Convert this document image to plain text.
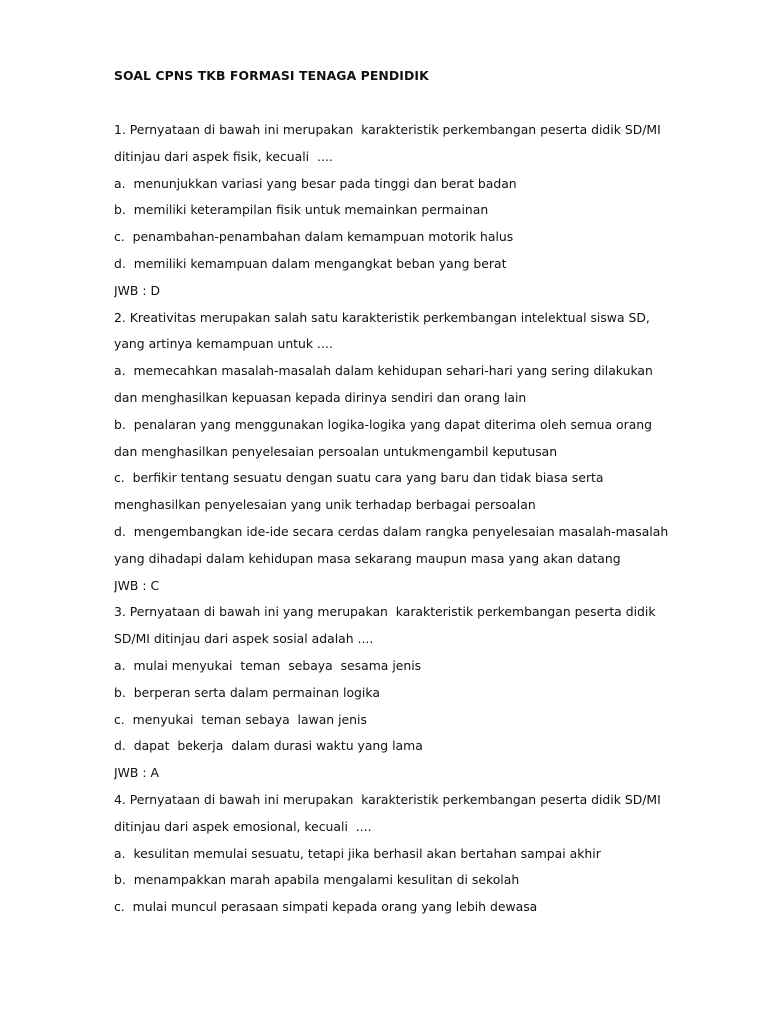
SOAL CPNS TKB FORMASI TENAGA PENDIDIK
1. Pernyataan di bawah ini merupakan  karakteristik perkembangan peserta didik SD/MI
ditinjau dari aspek fisik, kecuali  ....
a. menunjukkan variasi yang besar pada tinggi dan berat badan
b. memiliki keterampilan fisik untuk memainkan permainan
c. penambahan-penambahan dalam kemampuan motorik halus
d. memiliki kemampuan dalam mengangkat beban yang berat
JWB : D
2. Kreativitas merupakan salah satu karakteristik perkembangan intelektual siswa SD,
yang artinya kemampuan untuk ....
a. memecahkan masalah-masalah dalam kehidupan sehari-hari yang sering dilakukan
dan menghasilkan kepuasan kepada dirinya sendiri dan orang lain
b. penalaran yang menggunakan logika-logika yang dapat diterima oleh semua orang
dan menghasilkan penyelesaian persoalan untukmengambil keputusan
c. berfikir tentang sesuatu dengan suatu cara yang baru dan tidak biasa serta
menghasilkan penyelesaian yang unik terhadap berbagai persoalan
d. mengembangkan ide-ide secara cerdas dalam rangka penyelesaian masalah-masalah
yang dihadapi dalam kehidupan masa sekarang maupun masa yang akan datang
JWB : C
3. Pernyataan di bawah ini yang merupakan  karakteristik perkembangan peserta didik
SD/MI ditinjau dari aspek sosial adalah ....
a. mulai menyukai  teman  sebaya  sesama jenis
b. berperan serta dalam permainan logika
c. menyukai  teman sebaya  lawan jenis
d. dapat  bekerja  dalam durasi waktu yang lama
JWB : A
4. Pernyataan di bawah ini merupakan  karakteristik perkembangan peserta didik SD/MI
ditinjau dari aspek emosional, kecuali  ....
a. kesulitan memulai sesuatu, tetapi jika berhasil akan bertahan sampai akhir
b. menampakkan marah apabila mengalami kesulitan di sekolah
c. mulai muncul perasaan simpati kepada orang yang lebih dewasa
